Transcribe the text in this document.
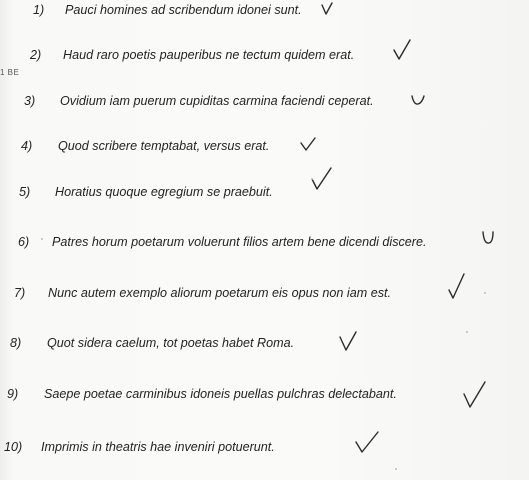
1 BE
1) Pauci homines ad scribendum idonei sunt.
2) Haud raro poetis pauperibus ne tectum quidem erat.
3) Ovidium iam puerum cupiditas carmina faciendi ceperat.
4) Quod scribere temptabat, versus erat.
5) Horatius quoque egregium se praebuit.
6) Patres horum poetarum voluerunt filios artem bene dicendi discere.
7) Nunc autem exemplo aliorum poetarum eis opus non iam est.
8) Quot sidera caelum, tot poetas habet Roma.
9) Saepe poetae carminibus idoneis puellas pulchras delectabant.
10) Imprimis in theatris hae inveniri potuerunt.
